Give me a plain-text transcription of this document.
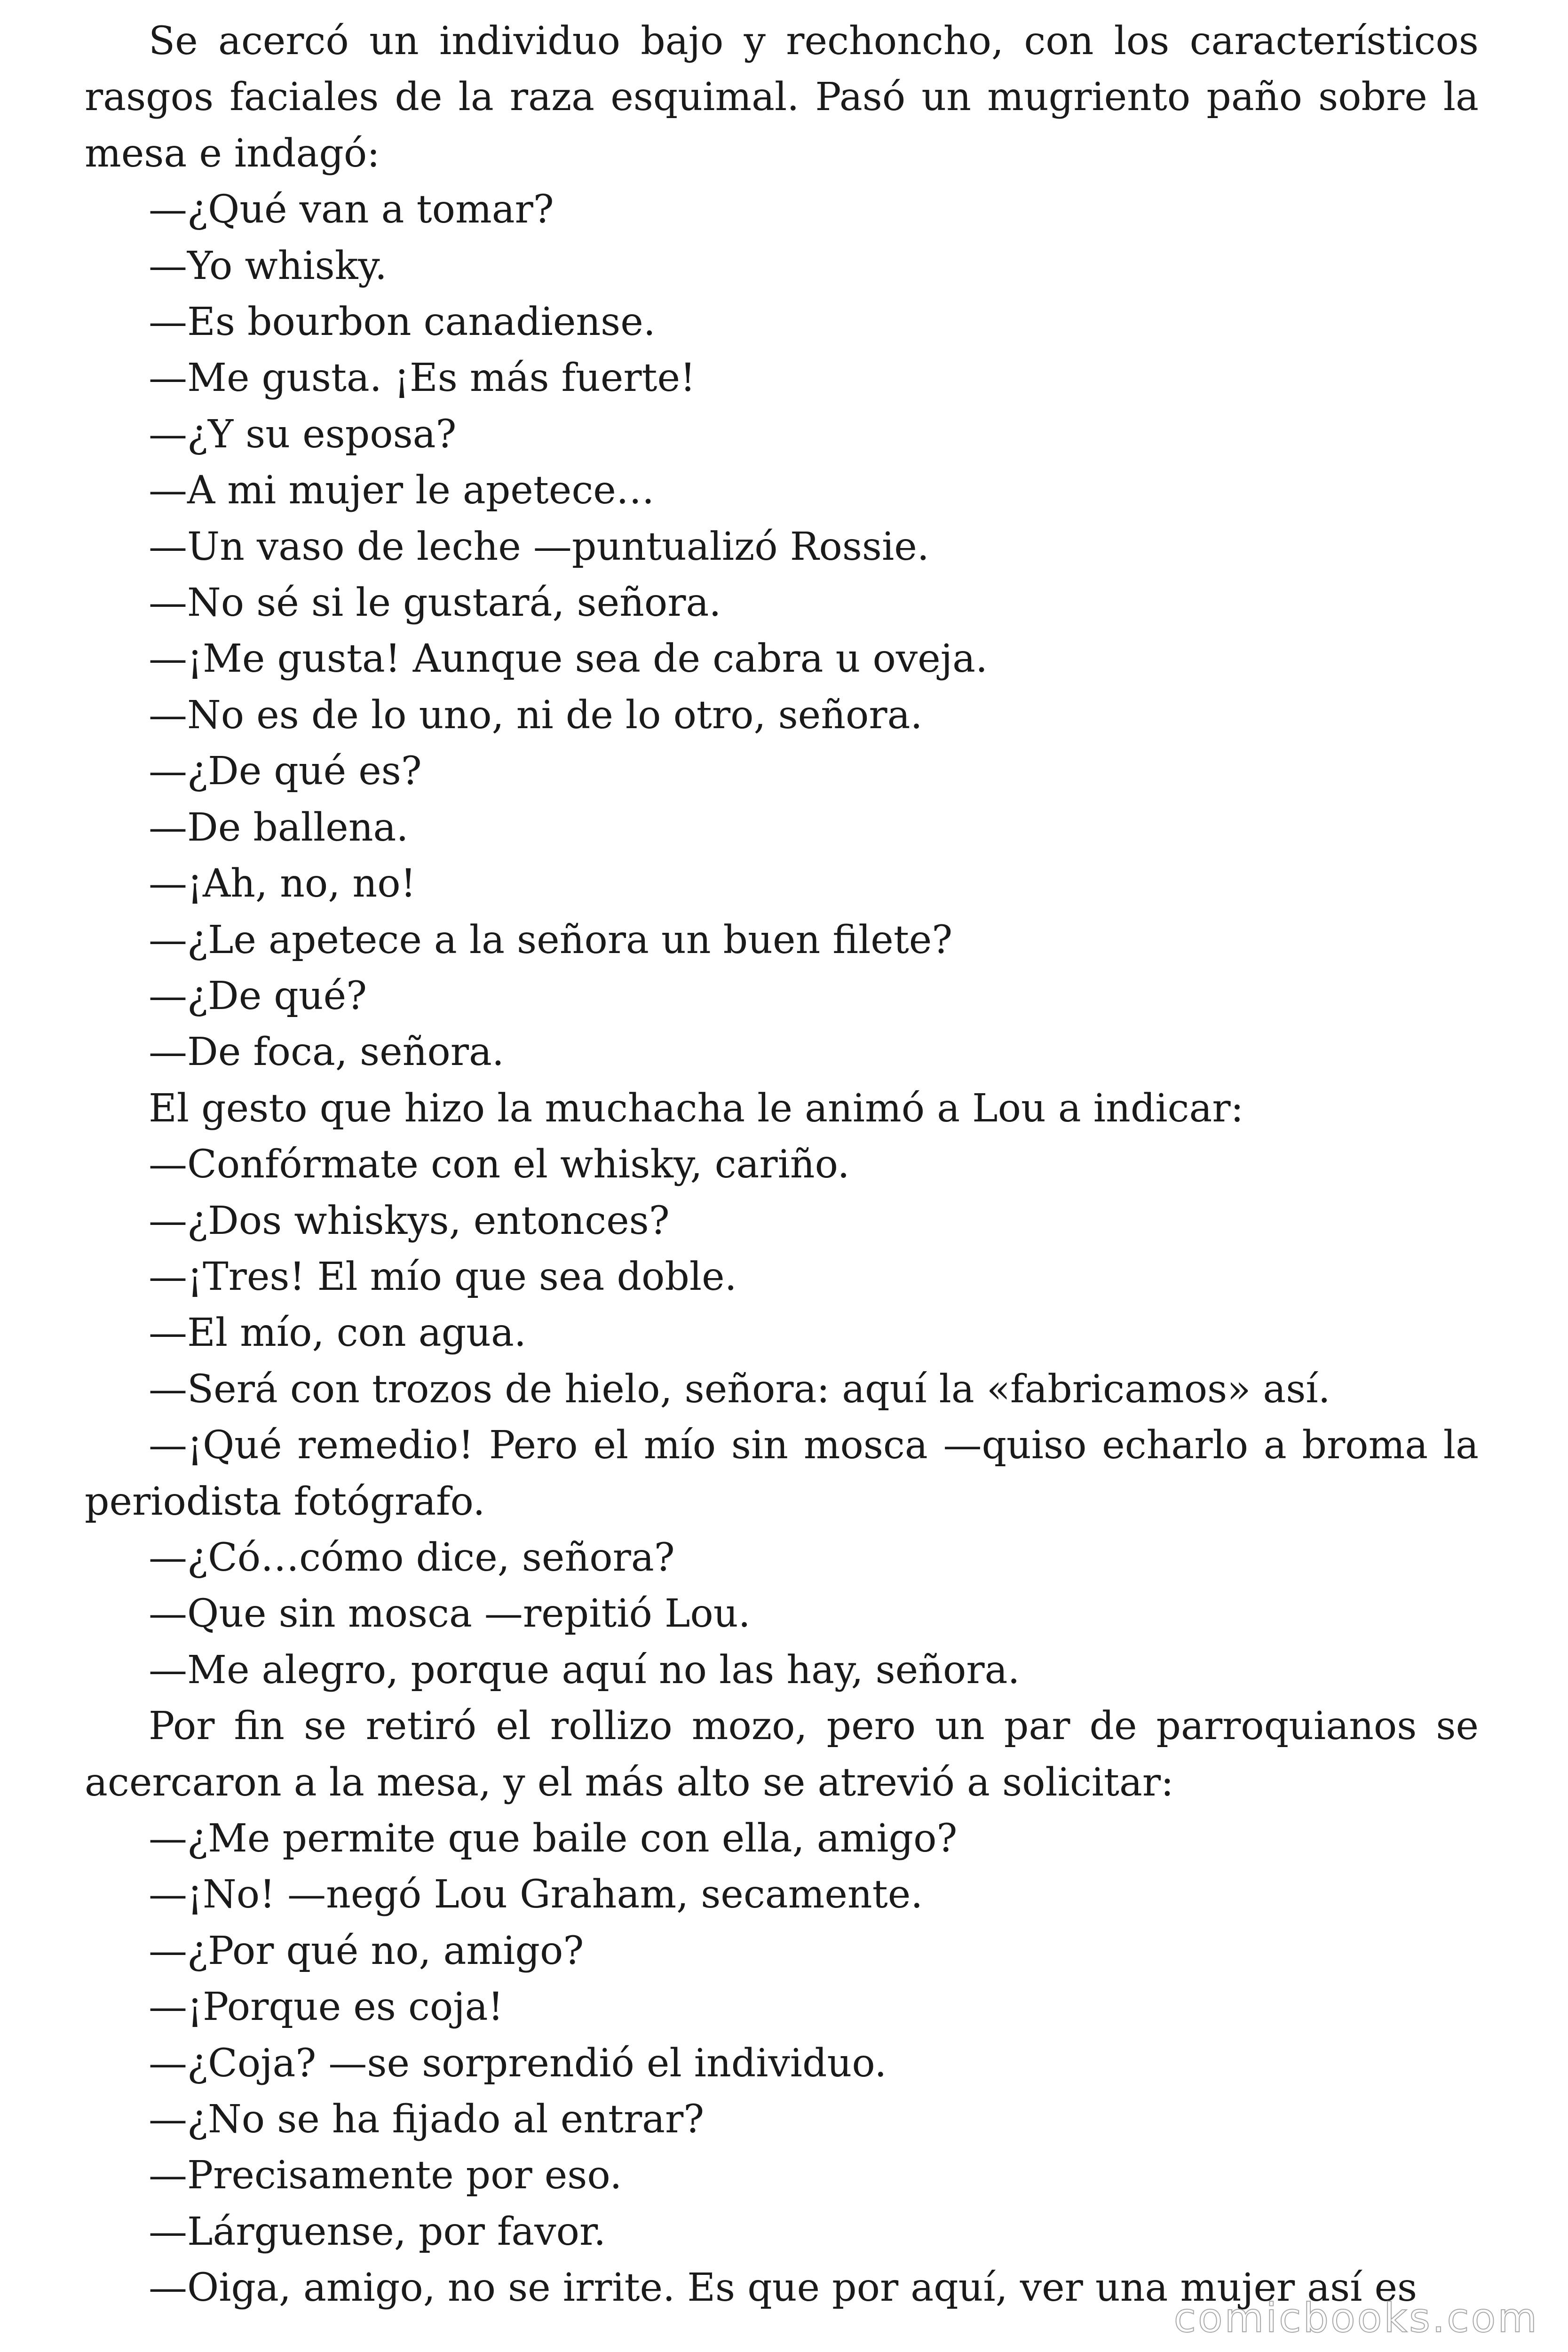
Se acercó un individuo bajo y rechoncho, con los característicos rasgos faciales de la raza esquimal. Pasó un mugriento paño sobre la mesa e indagó:

—¿Qué van a tomar?

—Yo whisky.

—Es bourbon canadiense.

—Me gusta. ¡Es más fuerte!

—¿Y su esposa?

—A mi mujer le apetece…

—Un vaso de leche —puntualizó Rossie.

—No sé si le gustará, señora.

—¡Me gusta! Aunque sea de cabra u oveja.

—No es de lo uno, ni de lo otro, señora.

—¿De qué es?

—De ballena.

—¡Ah, no, no!

—¿Le apetece a la señora un buen filete?

—¿De qué?

—De foca, señora.

El gesto que hizo la muchacha le animó a Lou a indicar:

—Confórmate con el whisky, cariño.

—¿Dos whiskys, entonces?

—¡Tres! El mío que sea doble.

—El mío, con agua.

—Será con trozos de hielo, señora: aquí la «fabricamos» así.

—¡Qué remedio! Pero el mío sin mosca —quiso echarlo a broma la periodista fotógrafo.

—¿Có…cómo dice, señora?

—Que sin mosca —repitió Lou.

—Me alegro, porque aquí no las hay, señora.

Por fin se retiró el rollizo mozo, pero un par de parroquianos se acercaron a la mesa, y el más alto se atrevió a solicitar:

—¿Me permite que baile con ella, amigo?

—¡No! —negó Lou Graham, secamente.

—¿Por qué no, amigo?

—¡Porque es coja!

—¿Coja? —se sorprendió el individuo.

—¿No se ha fijado al entrar?

—Precisamente por eso.

—Lárguense, por favor.

—Oiga, amigo, no se irrite. Es que por aquí, ver una mujer así es

comicbooks.com
